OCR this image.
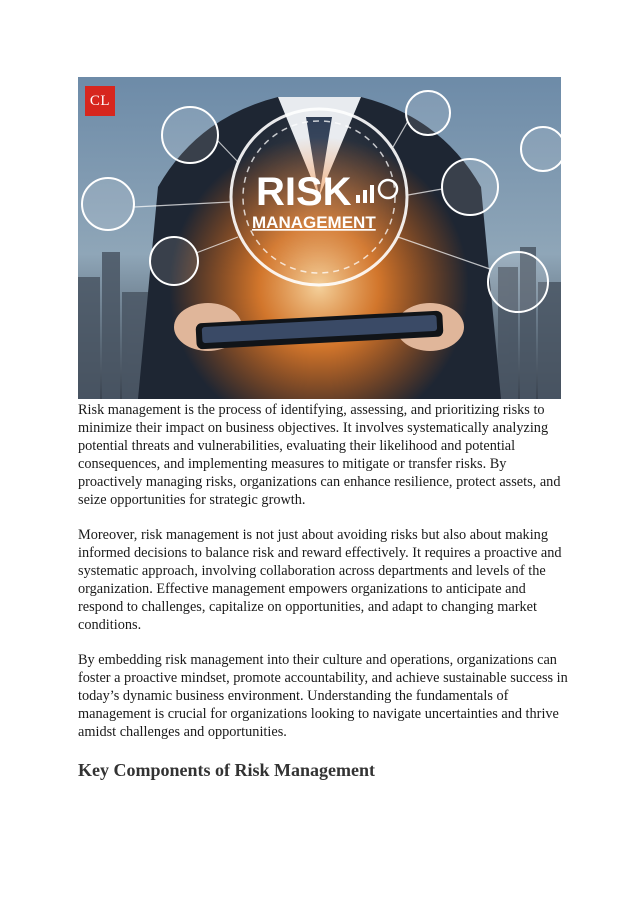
RISK
MANAGEMENT
CL

Risk management is the process of identifying, assessing, and prioritizing risks to minimize their impact on business objectives. It involves systematically analyzing potential threats and vulnerabilities, evaluating their likelihood and potential consequences, and implementing measures to mitigate or transfer risks. By proactively managing risks, organizations can enhance resilience, protect assets, and seize opportunities for strategic growth.

Moreover, risk management is not just about avoiding risks but also about making informed decisions to balance risk and reward effectively. It requires a proactive and systematic approach, involving collaboration across departments and levels of the organization. Effective management empowers organizations to anticipate and respond to challenges, capitalize on opportunities, and adapt to changing market conditions.

By embedding risk management into their culture and operations, organizations can foster a proactive mindset, promote accountability, and achieve sustainable success in today’s dynamic business environment. Understanding the fundamentals of management is crucial for organizations looking to navigate uncertainties and thrive amidst challenges and opportunities.

Key Components of Risk Management
